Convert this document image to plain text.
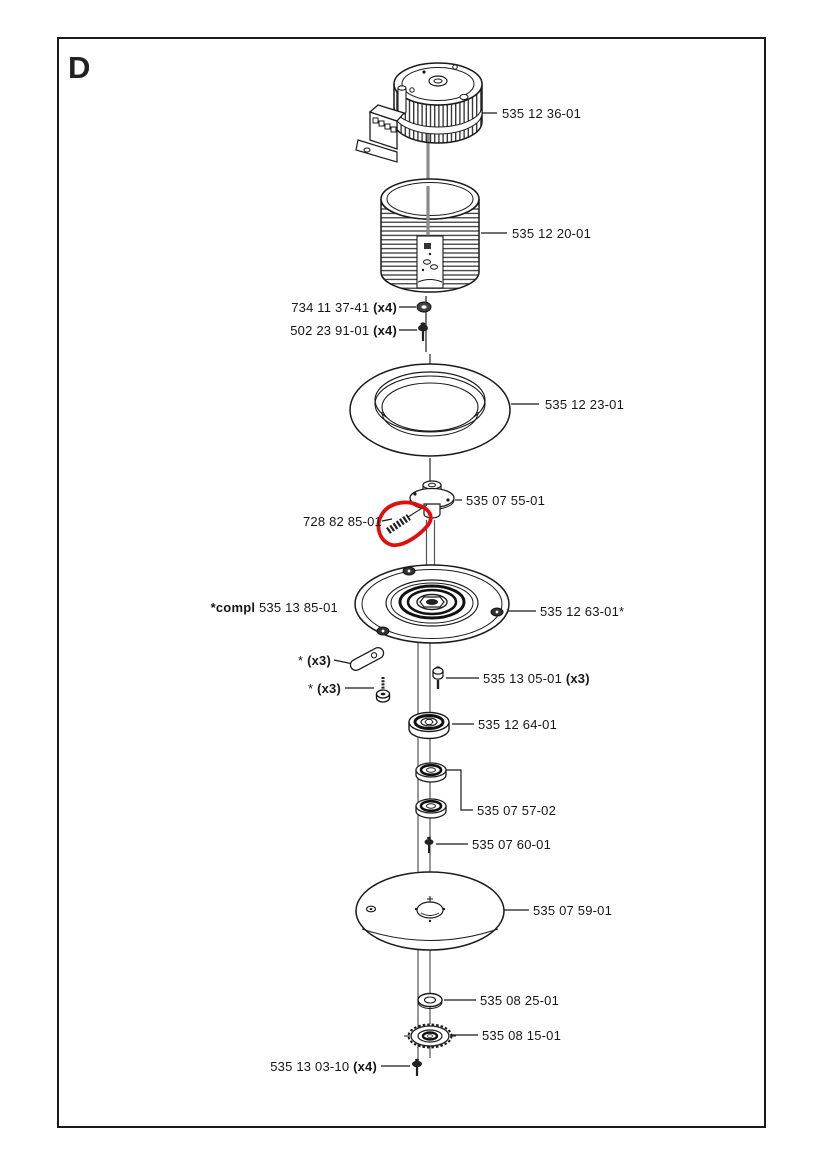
D
535 12 36-01
535 12 20-01
734 11 37-41 (x4)
502 23 91-01 (x4)
535 12 23-01
535 07 55-01
728 82 85-01
*compl 535 13 85-01	535 12 63-01*
* (x3)
* (x3)
535 13 05-01 (x3)
535 12 64-01
535 07 57-02
535 07 60-01
535 07 59-01
535 08 25-01
535 08 15-01
535 13 03-10 (x4)
